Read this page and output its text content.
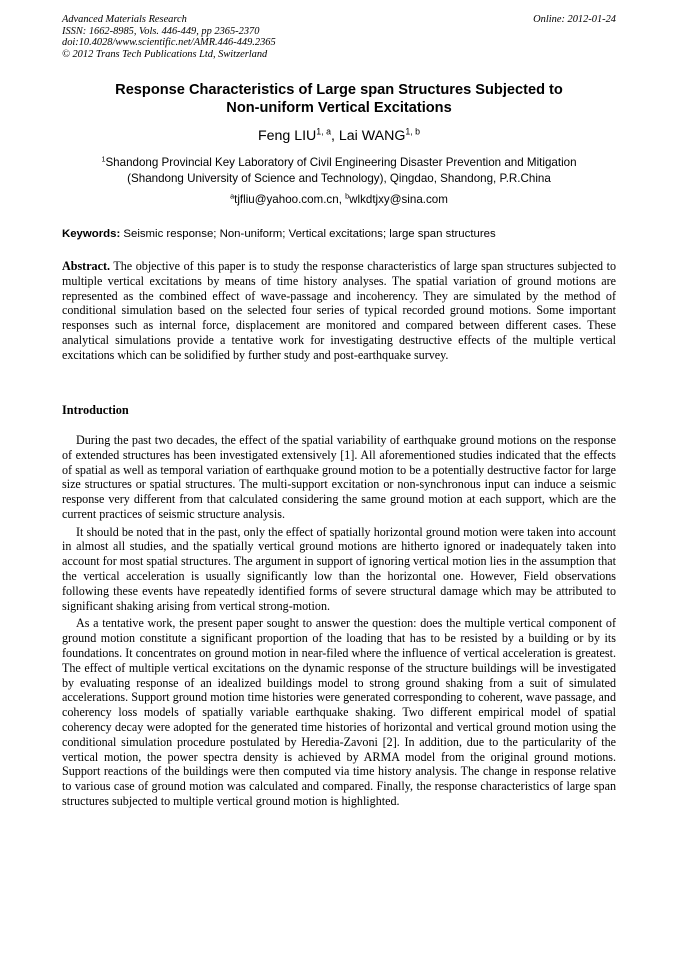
Advanced Materials Research
ISSN: 1662-8985, Vols. 446-449, pp 2365-2370
doi:10.4028/www.scientific.net/AMR.446-449.2365
© 2012 Trans Tech Publications Ltd, Switzerland
Online: 2012-01-24
Response Characteristics of Large span Structures Subjected to
Non-uniform Vertical Excitations
Feng LIU$^{1, a}$, Lai WANG$^{1, b}$
$^1$Shandong Provincial Key Laboratory of Civil Engineering Disaster Prevention and Mitigation
(Shandong University of Science and Technology), Qingdao, Shandong, P.R.China
$^a$tjfliu@yahoo.com.cn, $^b$wlkdtjxy@sina.com
Keywords: Seismic response; Non-uniform; Vertical excitations; large span structures

Abstract. The objective of this paper is to study the response characteristics of large span structures subjected to multiple vertical excitations by means of time history analyses. The spatial variation of ground motions are represented as the combined effect of wave-passage and incoherency. They are simulated by the method of conditional simulation based on the selected four series of typical recorded ground motions. Some important responses such as internal force, displacement are monitored and compared between different cases. These analytical simulations provide a tentative work for investigating destructive effects of the multiple vertical excitations which can be solidified by further study and post-earthquake survey.

Introduction

During the past two decades, the effect of the spatial variability of earthquake ground motions on the response of extended structures has been investigated extensively [1]. All aforementioned studies indicated that the effects of spatial as well as temporal variation of earthquake ground motion to be a potentially destructive factor for large size structures or spatial structures. The multi-support excitation or non-synchronous input can induce a seismic response very different from that calculated considering the same ground motion at each support, which are the current practices of seismic structure analysis.

It should be noted that in the past, only the effect of spatially horizontal ground motion were taken into account in almost all studies, and the spatially vertical ground motions are hitherto ignored or inadequately taken into account for most spatial structures. The argument in support of ignoring vertical motion lies in the assumption that the vertical acceleration is usually significantly low than the horizontal one. However, Field observations following these events have repeatedly identified forms of severe structural damage which may be attributed to significant shaking arising from vertical strong-motion.

As a tentative work, the present paper sought to answer the question: does the multiple vertical component of ground motion constitute a significant proportion of the loading that has to be resisted by a building or by its foundations. It concentrates on ground motion in near-filed where the influence of vertical acceleration is greatest. The effect of multiple vertical excitations on the dynamic response of the structure buildings will be investigated by evaluating response of an idealized buildings model to strong ground shaking from a suit of simulated accelerations. Support ground motion time histories were generated corresponding to coherent, wave passage, and coherency loss models of spatially variable earthquake shaking. Two different empirical model of spatial coherency decay were adopted for the generated time histories of horizontal and vertical ground motion using the conditional simulation procedure postulated by Heredia-Zavoni [2]. In addition, due to the particularity of the vertical motion, the power spectra density is achieved by ARMA model from the original ground motions. Support reactions of the buildings were then computed via time history analysis. The change in response relative to various case of ground motion was calculated and compared. Finally, the response characteristics of large span structures subjected to multiple vertical ground motion is highlighted.
